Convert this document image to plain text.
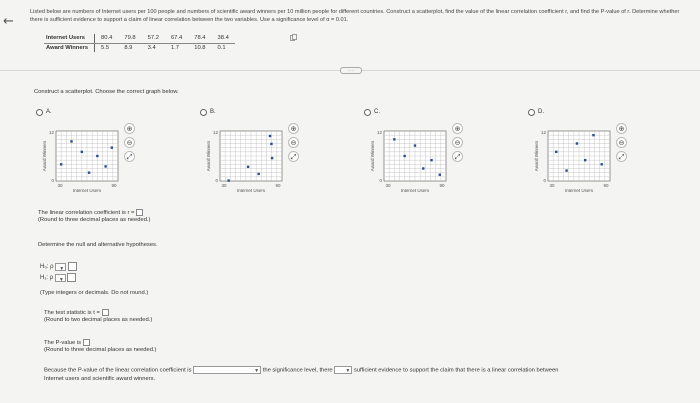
←
Listed below are numbers of Internet users per 100 people and numbers of scientific award winners per 10 million people for different countries. Construct a scatterplot, find the value of the linear correlation coefficient r, and find the P-value of r. Determine whether there is sufficient evidence to support a claim of linear correlation between the two variables. Use a significance level of α = 0.01.
Internet Users	80.4	79.8	57.2	67.4	78.4	38.4
Award Winners	5.5	8.9	3.4	1.7	10.8	0.1
·····
Construct a scatterplot. Choose the correct graph below.
A.
12
0
30	90
Internet Users
Award Winners
⊕
⊖
⤢
B.
12
0
30	90
Internet Users
Award Winners
⊕
⊖
⤢
C.
12
0
30	90
Internet Users
Award Winners
⊕
⊖
⤢
D.
12
0
30	90
Internet Users
Award Winners
⊕
⊖
⤢
The linear correlation coefficient is r =
(Round to three decimal places as needed.)
Determine the null and alternative hypotheses.
H₀: ρ ▼

H₁: ρ ▼

(Type integers or decimals. Do not round.)
The test statistic is t =
(Round to two decimal places as needed.)
The P-value is
(Round to three decimal places as needed.)
Because the P-value of the linear correlation coefficient is	▼ the significance level, there	▼ sufficient evidence to support the claim that there is a linear correlation between
Internet users and scientific award winners.
